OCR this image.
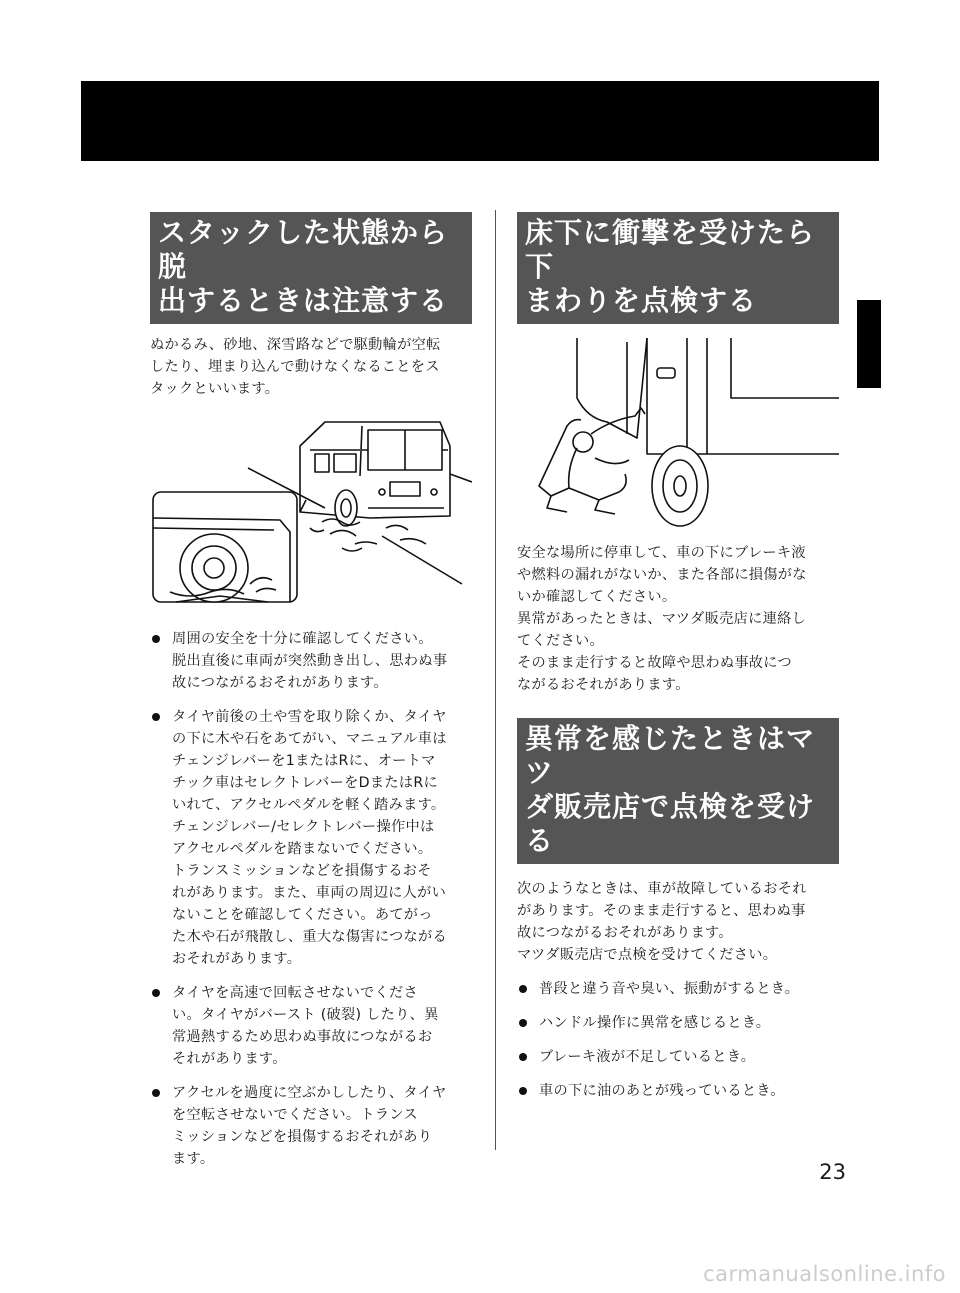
スタックした状態から脱
出するときは注意する

ぬかるみ、砂地、深雪路などで駆動輪が空転
したり、埋まり込んで動けなくなることをス
タックといいます。

周囲の安全を十分に確認してください。
脱出直後に車両が突然動き出し、思わぬ事
故につながるおそれがあります。
タイヤ前後の土や雪を取り除くか、タイヤ
の下に木や石をあてがい、マニュアル車は
チェンジレバーを1またはRに、オートマ
チック車はセレクトレバーをDまたはRに
いれて、アクセルペダルを軽く踏みます。
チェンジレバー/セレクトレバー操作中は
アクセルペダルを踏まないでください。
トランスミッションなどを損傷するおそ
れがあります。また、車両の周辺に人がい
ないことを確認してください。あてがっ
た木や石が飛散し、重大な傷害につながる
おそれがあります。
タイヤを高速で回転させないでくださ
い。タイヤがバースト (破裂) したり、異
常過熱するため思わぬ事故につながるお
それがあります。
アクセルを過度に空ぶかししたり、タイヤ
を空転させないでください。トランス
ミッションなどを損傷するおそれがあり
ます。
床下に衝撃を受けたら下
まわりを点検する

安全な場所に停車して、車の下にブレーキ液
や燃料の漏れがないか、また各部に損傷がな
いか確認してください。
異常があったときは、マツダ販売店に連絡し
てください。
そのまま走行すると故障や思わぬ事故につ
ながるおそれがあります。

異常を感じたときはマツ
ダ販売店で点検を受ける

次のようなときは、車が故障しているおそれ
があります。そのまま走行すると、思わぬ事
故につながるおそれがあります。
マツダ販売店で点検を受けてください。

普段と違う音や臭い、振動がするとき。
ハンドル操作に異常を感じるとき。
ブレーキ液が不足しているとき。
車の下に油のあとが残っているとき。
23
carmanualsonline.info
